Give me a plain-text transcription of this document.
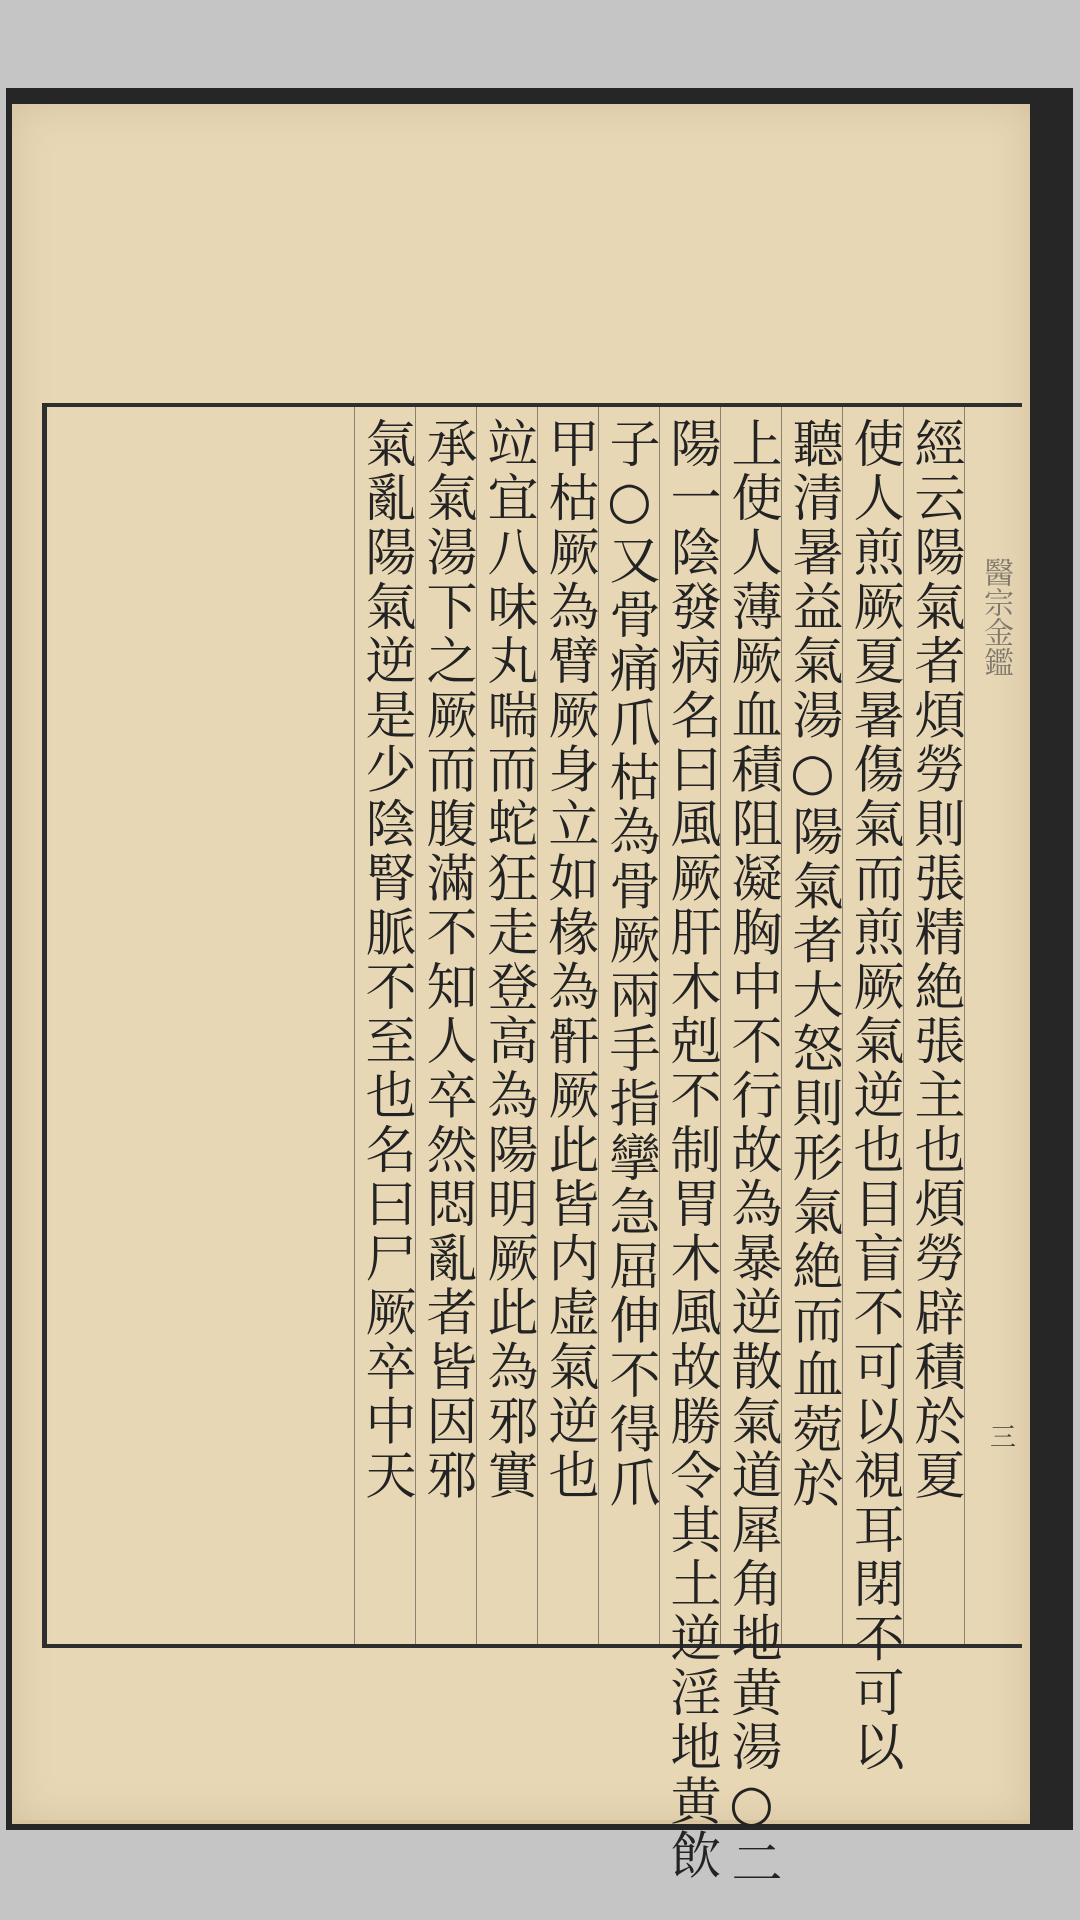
醫宗金鑑
三
經云陽氣者煩勞則張精絶張主也煩勞辟積於夏
使人煎厥夏暑傷氣而煎厥氣逆也目盲不可以視耳閉不可以
聽清暑益氣湯○陽氣者大怒則形氣絶而血菀於
上使人薄厥血積阻凝胸中不行故為暴逆散氣道犀角地黄湯○二
陽一陰發病名曰風厥肝木剋不制胃木風故勝令其土逆淫地黄飲
子○又骨痛爪枯為骨厥兩手指攣急屈伸不得爪
甲枯厥為臂厥身立如椽為骭厥此皆内虚氣逆也
竝宜八味丸喘而蛇狂走登高為陽明厥此為邪實
承氣湯下之厥而腹滿不知人卒然悶亂者皆因邪
氣亂陽氣逆是少陰腎脈不至也名曰尸厥卒中天
